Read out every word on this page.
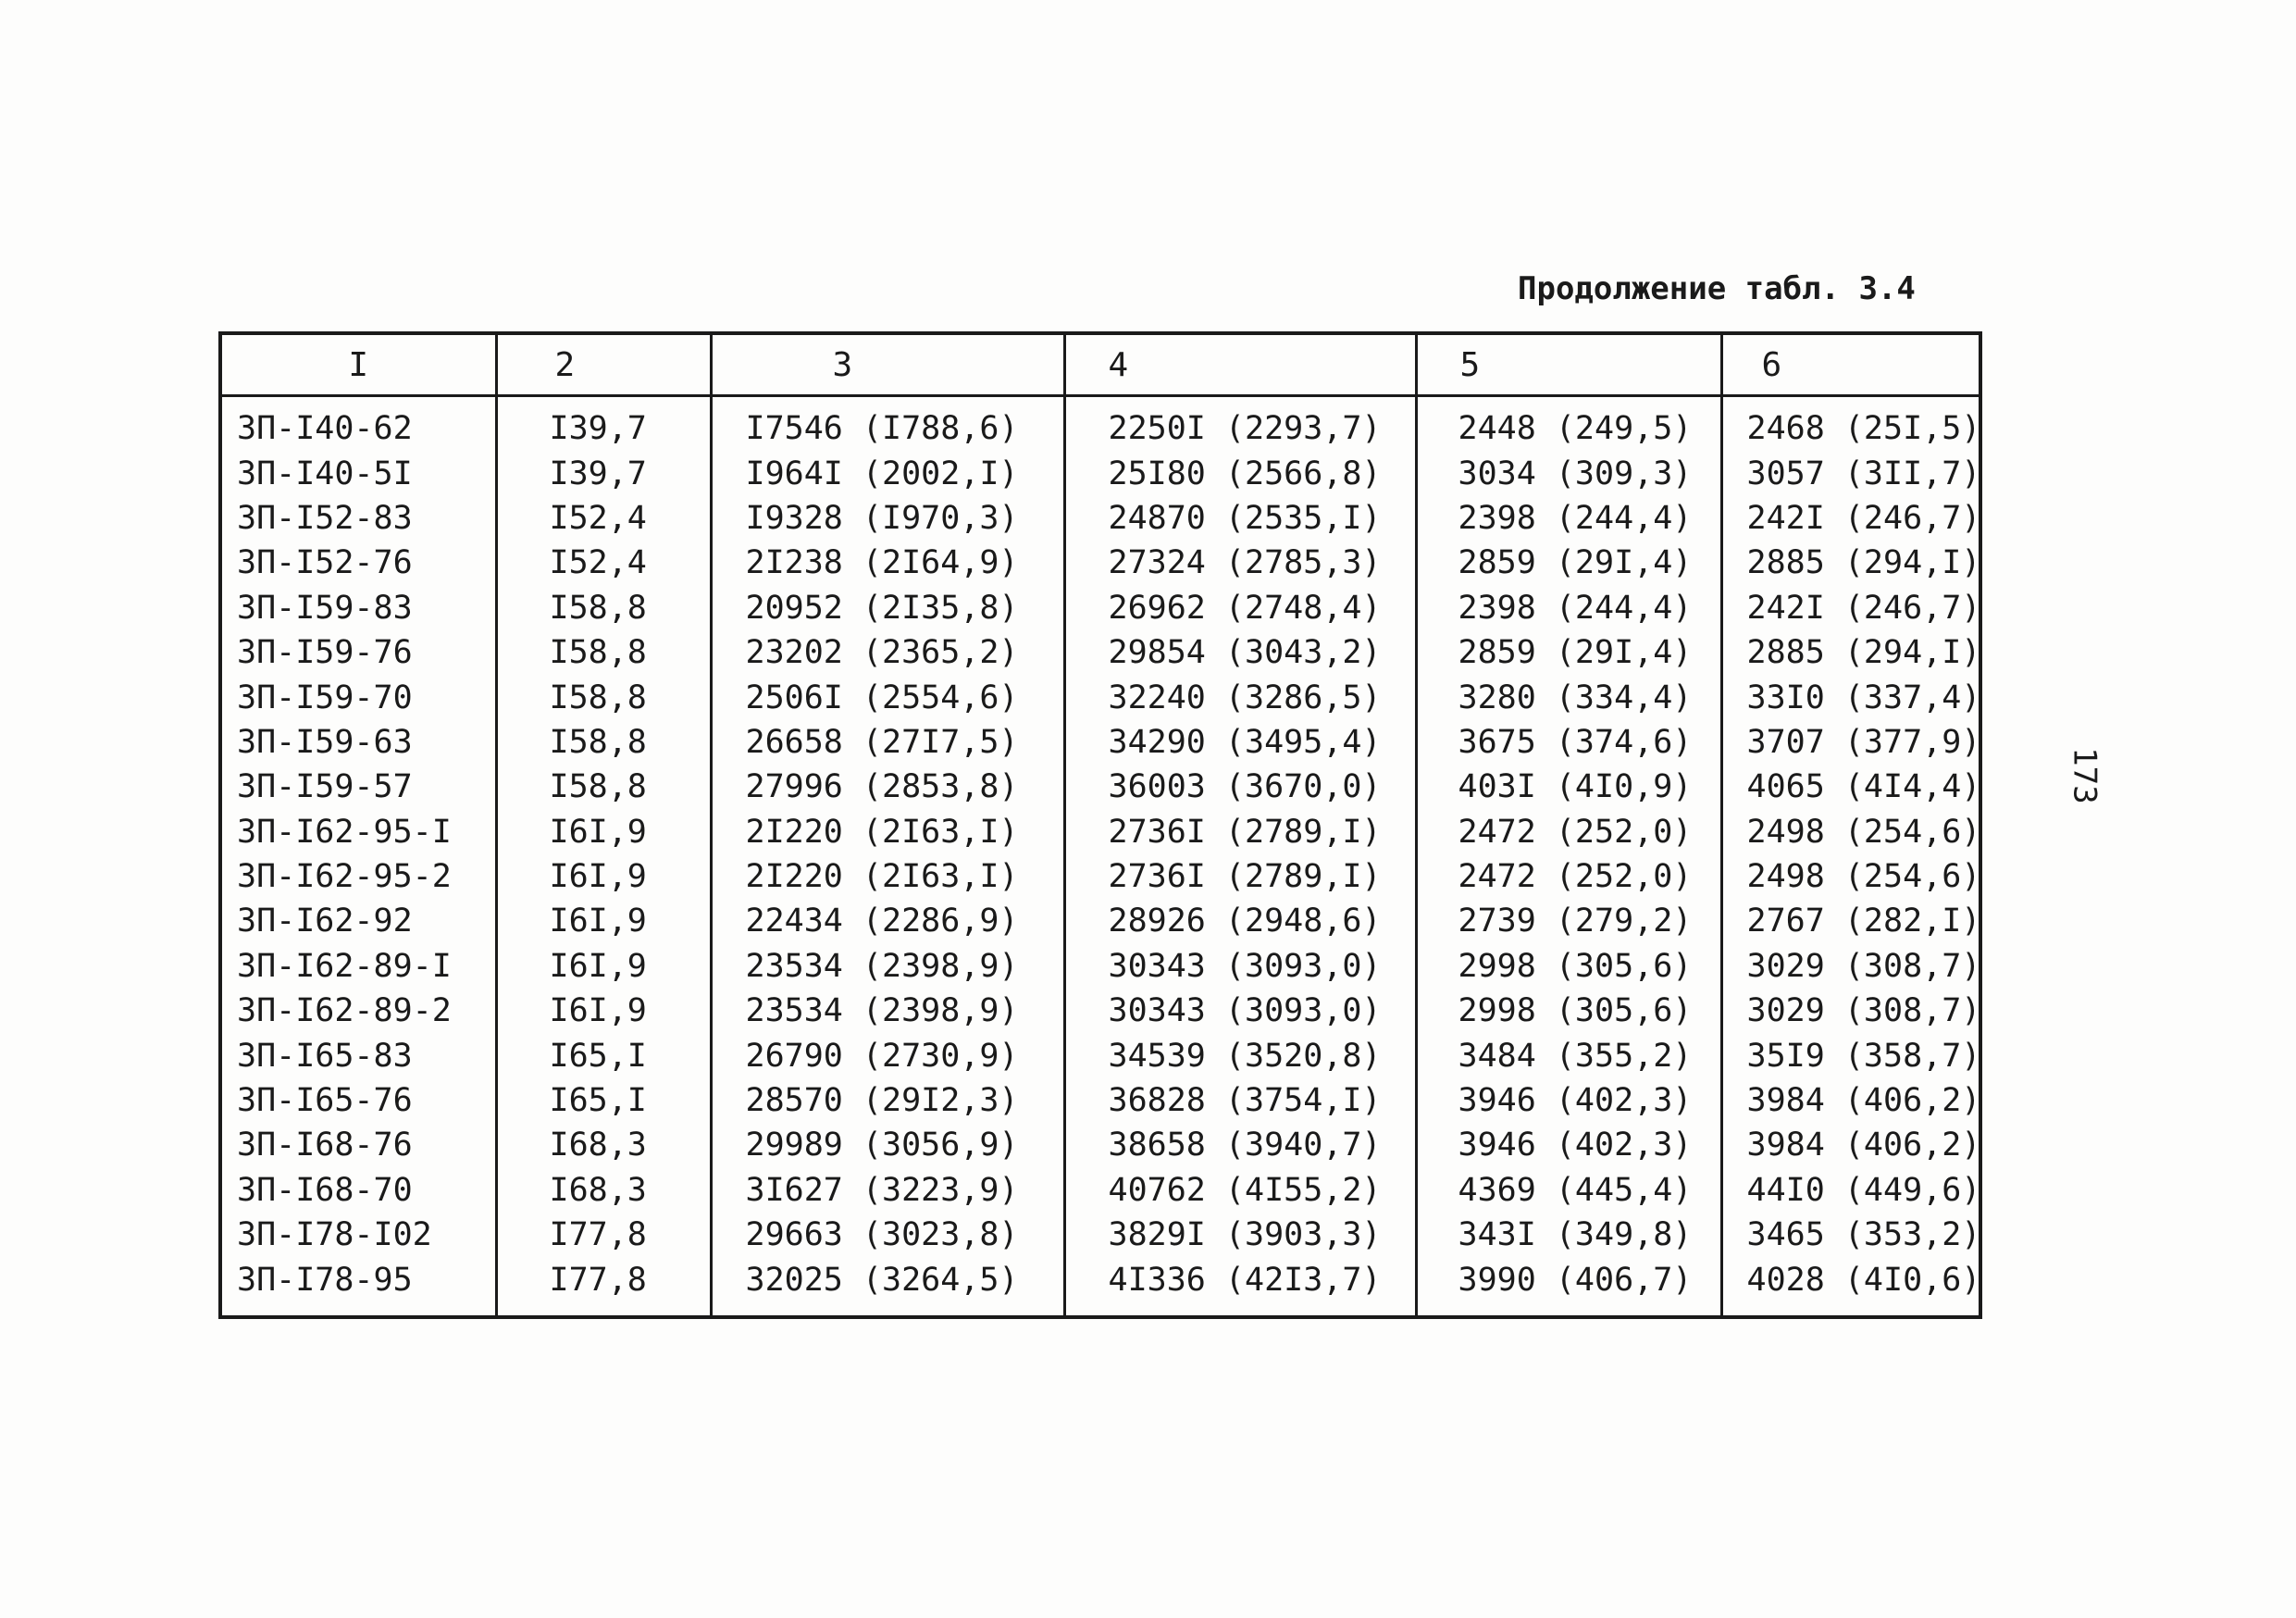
Продолжение табл. 3.4
I	2	3	4	5	6
ЗП-I40-62	I39,7	I7546 (I788,6)	2250I (2293,7)	2448 (249,5)	2468 (25I,5)
ЗП-I40-5I	I39,7	I964I (2002,I)	25I80 (2566,8)	3034 (309,3)	3057 (3II,7)
ЗП-I52-83	I52,4	I9328 (I970,3)	24870 (2535,I)	2398 (244,4)	242I (246,7)
ЗП-I52-76	I52,4	2I238 (2I64,9)	27324 (2785,3)	2859 (29I,4)	2885 (294,I)
ЗП-I59-83	I58,8	20952 (2I35,8)	26962 (2748,4)	2398 (244,4)	242I (246,7)
ЗП-I59-76	I58,8	23202 (2365,2)	29854 (3043,2)	2859 (29I,4)	2885 (294,I)
ЗП-I59-70	I58,8	2506I (2554,6)	32240 (3286,5)	3280 (334,4)	33I0 (337,4)
ЗП-I59-63	I58,8	26658 (27I7,5)	34290 (3495,4)	3675 (374,6)	3707 (377,9)
ЗП-I59-57	I58,8	27996 (2853,8)	36003 (3670,0)	403I (4I0,9)	4065 (4I4,4)
ЗП-I62-95-I	I6I,9	2I220 (2I63,I)	2736I (2789,I)	2472 (252,0)	2498 (254,6)
ЗП-I62-95-2	I6I,9	2I220 (2I63,I)	2736I (2789,I)	2472 (252,0)	2498 (254,6)
ЗП-I62-92	I6I,9	22434 (2286,9)	28926 (2948,6)	2739 (279,2)	2767 (282,I)
ЗП-I62-89-I	I6I,9	23534 (2398,9)	30343 (3093,0)	2998 (305,6)	3029 (308,7)
ЗП-I62-89-2	I6I,9	23534 (2398,9)	30343 (3093,0)	2998 (305,6)	3029 (308,7)
ЗП-I65-83	I65,I	26790 (2730,9)	34539 (3520,8)	3484 (355,2)	35I9 (358,7)
ЗП-I65-76	I65,I	28570 (29I2,3)	36828 (3754,I)	3946 (402,3)	3984 (406,2)
ЗП-I68-76	I68,3	29989 (3056,9)	38658 (3940,7)	3946 (402,3)	3984 (406,2)
ЗП-I68-70	I68,3	3I627 (3223,9)	40762 (4I55,2)	4369 (445,4)	44I0 (449,6)
ЗП-I78-I02	I77,8	29663 (3023,8)	3829I (3903,3)	343I (349,8)	3465 (353,2)
ЗП-I78-95	I77,8	32025 (3264,5)	4I336 (42I3,7)	3990 (406,7)	4028 (4I0,6)
173
